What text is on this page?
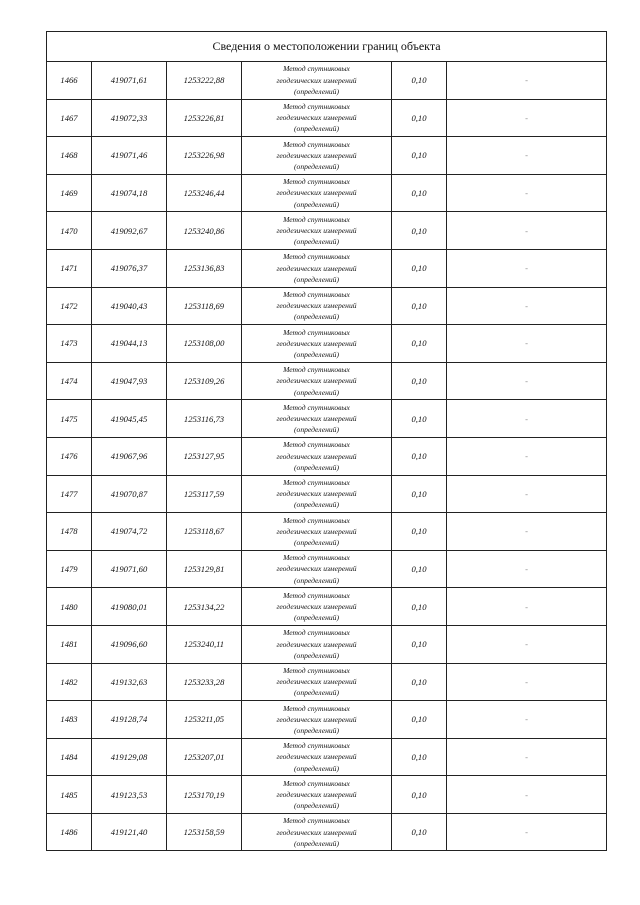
Сведения о местоположении границ объекта					
1466	419071,61	1253222,88	Метод спутниковых
геодезических измерений
(определений)	0,10	-
1467	419072,33	1253226,81	Метод спутниковых
геодезических измерений
(определений)	0,10	-
1468	419071,46	1253226,98	Метод спутниковых
геодезических измерений
(определений)	0,10	-
1469	419074,18	1253246,44	Метод спутниковых
геодезических измерений
(определений)	0,10	-
1470	419092,67	1253240,86	Метод спутниковых
геодезических измерений
(определений)	0,10	-
1471	419076,37	1253136,83	Метод спутниковых
геодезических измерений
(определений)	0,10	-
1472	419040,43	1253118,69	Метод спутниковых
геодезических измерений
(определений)	0,10	-
1473	419044,13	1253108,00	Метод спутниковых
геодезических измерений
(определений)	0,10	-
1474	419047,93	1253109,26	Метод спутниковых
геодезических измерений
(определений)	0,10	-
1475	419045,45	1253116,73	Метод спутниковых
геодезических измерений
(определений)	0,10	-
1476	419067,96	1253127,95	Метод спутниковых
геодезических измерений
(определений)	0,10	-
1477	419070,87	1253117,59	Метод спутниковых
геодезических измерений
(определений)	0,10	-
1478	419074,72	1253118,67	Метод спутниковых
геодезических измерений
(определений)	0,10	-
1479	419071,60	1253129,81	Метод спутниковых
геодезических измерений
(определений)	0,10	-
1480	419080,01	1253134,22	Метод спутниковых
геодезических измерений
(определений)	0,10	-
1481	419096,60	1253240,11	Метод спутниковых
геодезических измерений
(определений)	0,10	-
1482	419132,63	1253233,28	Метод спутниковых
геодезических измерений
(определений)	0,10	-
1483	419128,74	1253211,05	Метод спутниковых
геодезических измерений
(определений)	0,10	-
1484	419129,08	1253207,01	Метод спутниковых
геодезических измерений
(определений)	0,10	-
1485	419123,53	1253170,19	Метод спутниковых
геодезических измерений
(определений)	0,10	-
1486	419121,40	1253158,59	Метод спутниковых
геодезических измерений
(определений)	0,10	-
